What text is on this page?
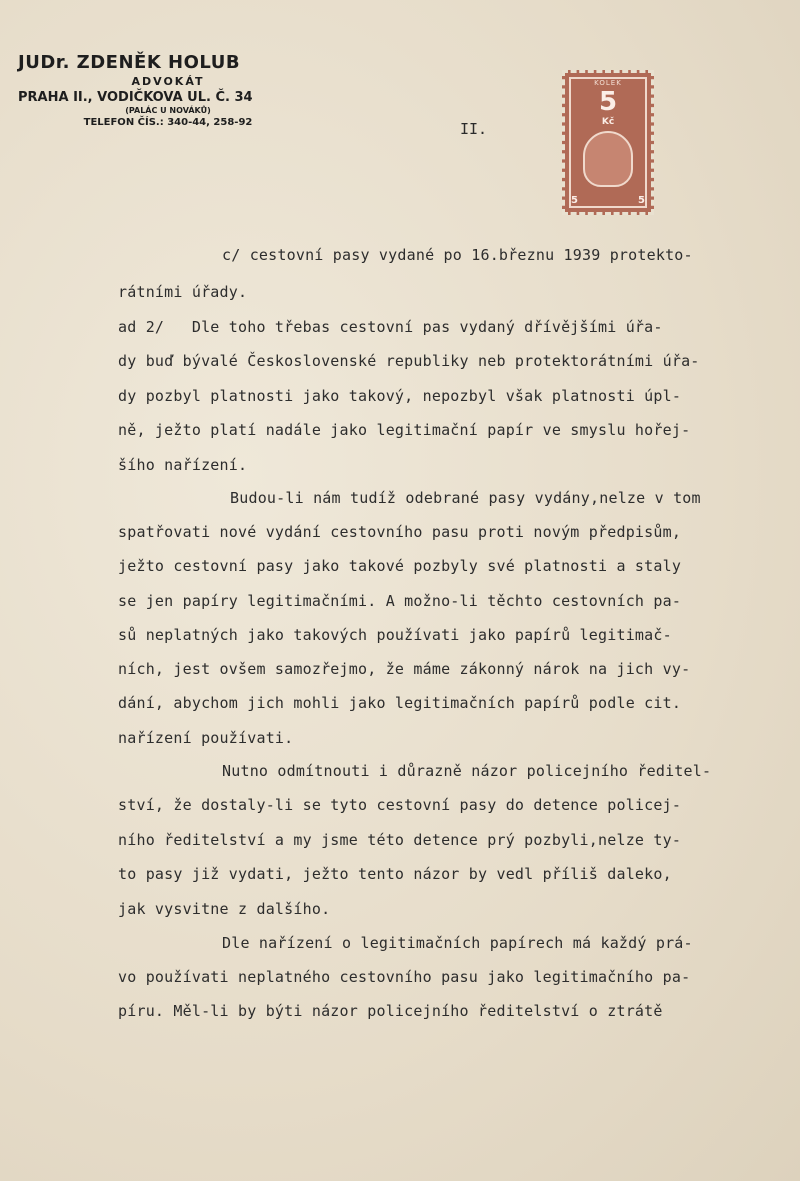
JUDr. ZDENĚK HOLUB
ADVOKÁT
PRAHA II., VODIČKOVA UL. Č. 34
(PALÁC U NOVÁKŮ)
TELEFON ČÍS.: 340-44, 258-92	II.
KOLEK
5
Kč
5	5
c/ cestovní pasy vydané po 16.březnu 1939 protekto-
rátními úřady.
ad 2/   Dle toho třebas cestovní pas vydaný dřívějšími úřa-
dy buď bývalé Československé republiky neb protektorátními úřa-
dy pozbyl platnosti jako takový, nepozbyl však platnosti úpl-
ně, ježto platí nadále jako legitimační papír ve smyslu hořej-
šího nařízení.
Budou-li nám tudíž odebrané pasy vydány,nelze v tom
spatřovati nové vydání cestovního pasu proti novým předpisům,
ježto cestovní pasy jako takové pozbyly své platnosti a staly
se jen papíry legitimačními. A možno-li těchto cestovních pa-
sů neplatných jako takových používati jako papírů legitimač-
ních, jest ovšem samozřejmo, že máme zákonný nárok na jich vy-
dání, abychom jich mohli jako legitimačních papírů podle cit.
nařízení používati.
Nutno odmítnouti i důrazně názor policejního ředitel-
ství, že dostaly-li se tyto cestovní pasy do detence policej-
ního ředitelství a my jsme této detence prý pozbyli,nelze ty-
to pasy již vydati, ježto tento názor by vedl příliš daleko,
jak vysvitne z dalšího.
Dle nařízení o legitimačních papírech má každý prá-
vo používati neplatného cestovního pasu jako legitimačního pa-
píru. Měl-li by býti názor policejního ředitelství o ztrátě
